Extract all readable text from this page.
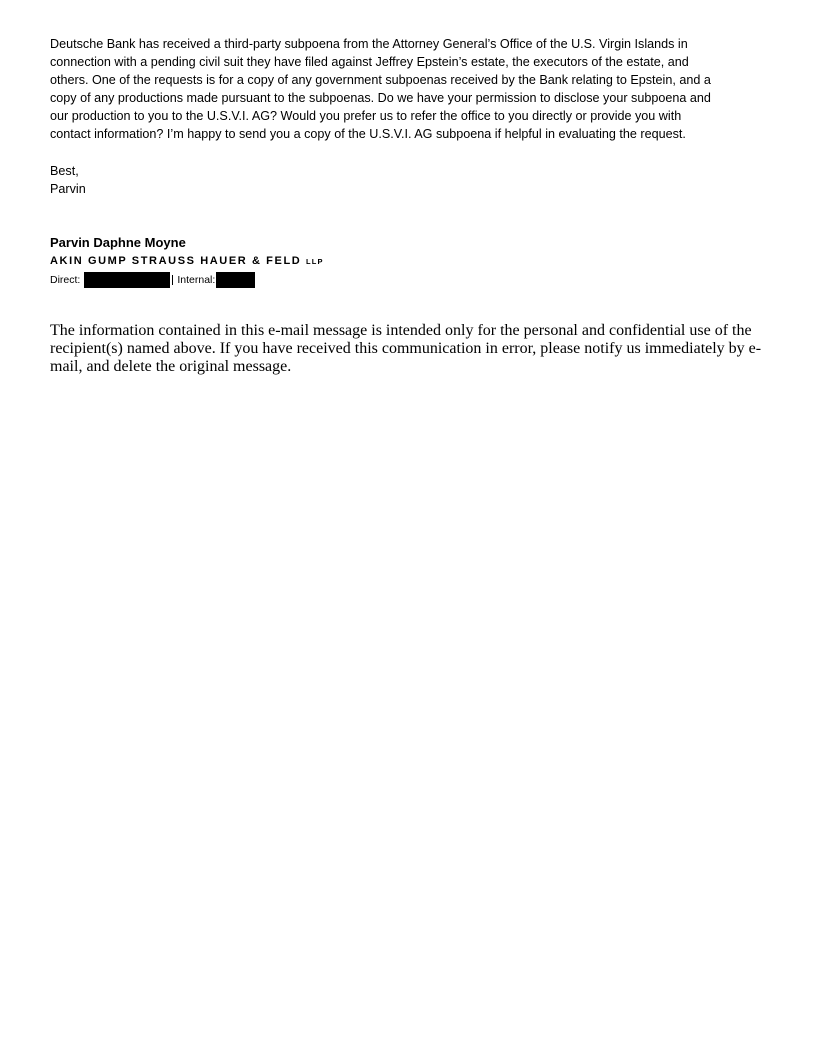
Deutsche Bank has received a third-party subpoena from the Attorney General’s Office of the U.S. Virgin Islands in
connection with a pending civil suit they have filed against Jeffrey Epstein’s estate, the executors of the estate, and
others. One of the requests is for a copy of any government subpoenas received by the Bank relating to Epstein, and a
copy of any productions made pursuant to the subpoenas. Do we have your permission to disclose your subpoena and
our production to you to the U.S.V.I. AG? Would you prefer us to refer the office to you directly or provide you with
contact information? I’m happy to send you a copy of the U.S.V.I. AG subpoena if helpful in evaluating the request.
Best,
Parvin
Parvin Daphne Moyne
AKIN GUMP STRAUSS HAUER & FELD LLP
Direct:	Internal:

The information contained in this e-mail message is intended only for the personal and confidential use of the recipient(s) named above. If you have received this communication in error, please notify us immediately by e-mail, and delete the original message.
